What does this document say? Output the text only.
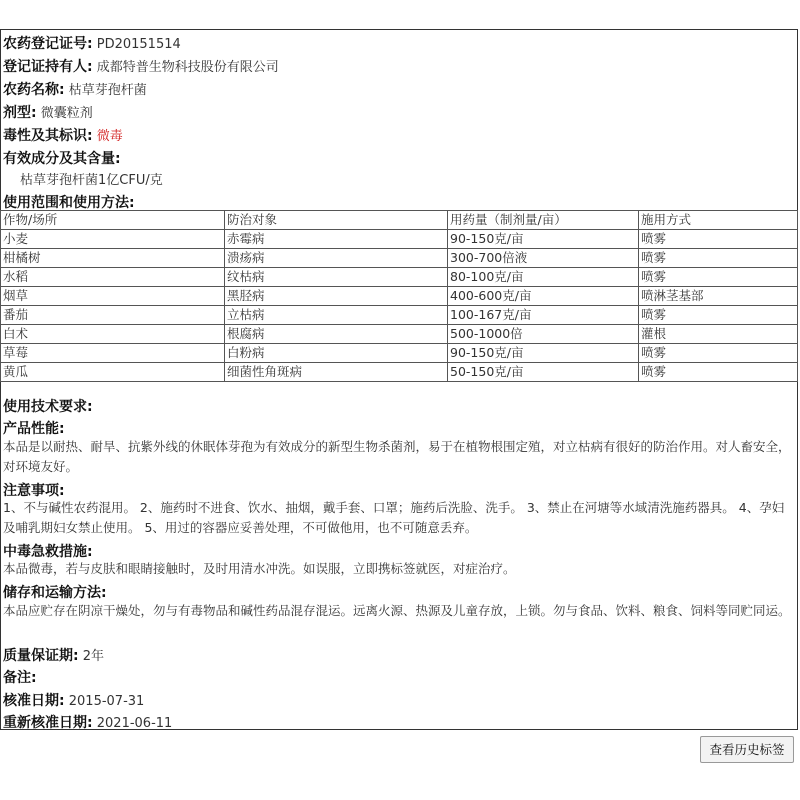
农药登记证号: PD20151514
登记证持有人: 成都特普生物科技股份有限公司
农药名称: 枯草芽孢杆菌
剂型: 微囊粒剂
毒性及其标识: 微毒
有效成分及其含量:
枯草芽孢杆菌1亿CFU/克
使用范围和使用方法:
作物/场所	防治对象	用药量（制剂量/亩）	施用方式
小麦	赤霉病	90-150克/亩	喷雾
柑橘树	溃疡病	300-700倍液	喷雾
水稻	纹枯病	80-100克/亩	喷雾
烟草	黑胫病	400-600克/亩	喷淋茎基部
番茄	立枯病	100-167克/亩	喷雾
白术	根腐病	500-1000倍	灌根
草莓	白粉病	90-150克/亩	喷雾
黄瓜	细菌性角斑病	50-150克/亩	喷雾
使用技术要求:
产品性能:
本品是以耐热、耐旱、抗紫外线的休眠体芽孢为有效成分的新型生物杀菌剂，易于在植物根围定殖，对立枯病有很好的防治作用。对人畜安全，对环境友好。
注意事项:
1、不与碱性农药混用。 2、施药时不进食、饮水、抽烟，戴手套、口罩；施药后洗脸、洗手。 3、禁止在河塘等水域清洗施药器具。 4、孕妇及哺乳期妇女禁止使用。 5、用过的容器应妥善处理，不可做他用，也不可随意丢弃。
中毒急救措施:
本品微毒，若与皮肤和眼睛接触时，及时用清水冲洗。如误服，立即携标签就医，对症治疗。
储存和运输方法:
本品应贮存在阴凉干燥处，勿与有毒物品和碱性药品混存混运。远离火源、热源及儿童存放，上锁。勿与食品、饮料、粮食、饲料等同贮同运。
质量保证期: 2年
备注:
核准日期: 2015-07-31
重新核准日期: 2021-06-11
查看历史标签
